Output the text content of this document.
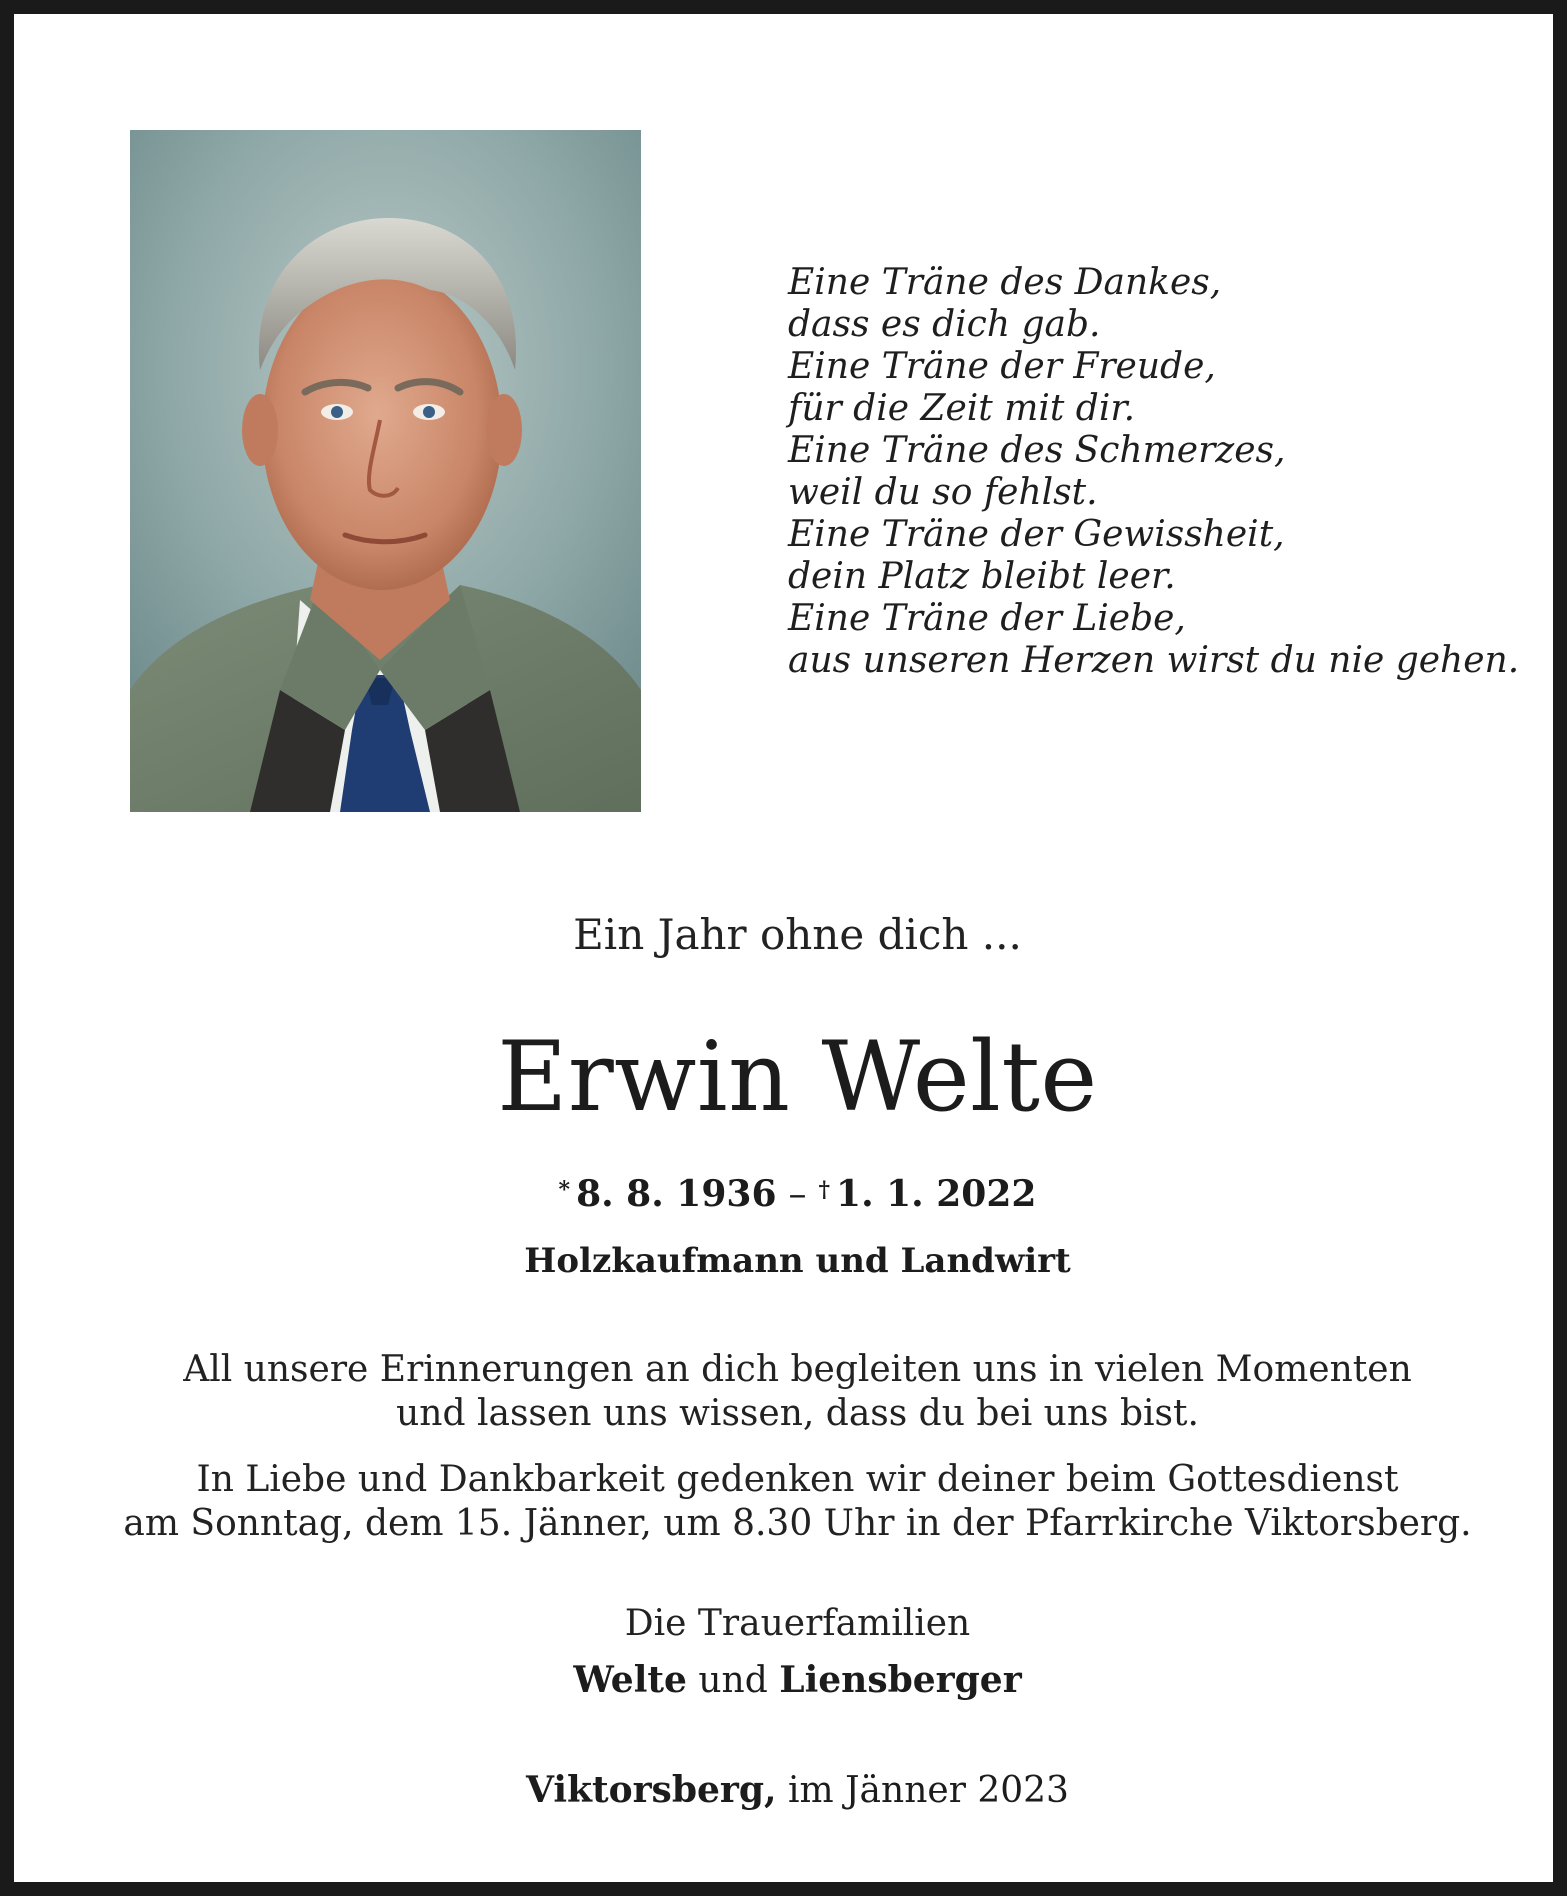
Eine Träne des Dankes,
dass es dich gab.
Eine Träne der Freude,
für die Zeit mit dir.
Eine Träne des Schmerzes,
weil du so fehlst.
Eine Träne der Gewissheit,
dein Platz bleibt leer.
Eine Träne der Liebe,
aus unseren Herzen wirst du nie gehen.
Ein Jahr ohne dich ...
Erwin Welte
* 8. 8. 1936 – † 1. 1. 2022
Holzkaufmann und Landwirt
All unsere Erinnerungen an dich begleiten uns in vielen Momenten
und lassen uns wissen, dass du bei uns bist.
In Liebe und Dankbarkeit gedenken wir deiner beim Gottesdienst
am Sonntag, dem 15. Jänner, um 8.30 Uhr in der Pfarrkirche Viktorsberg.
Die Trauerfamilien
Welte und Liensberger
Viktorsberg, im Jänner 2023
